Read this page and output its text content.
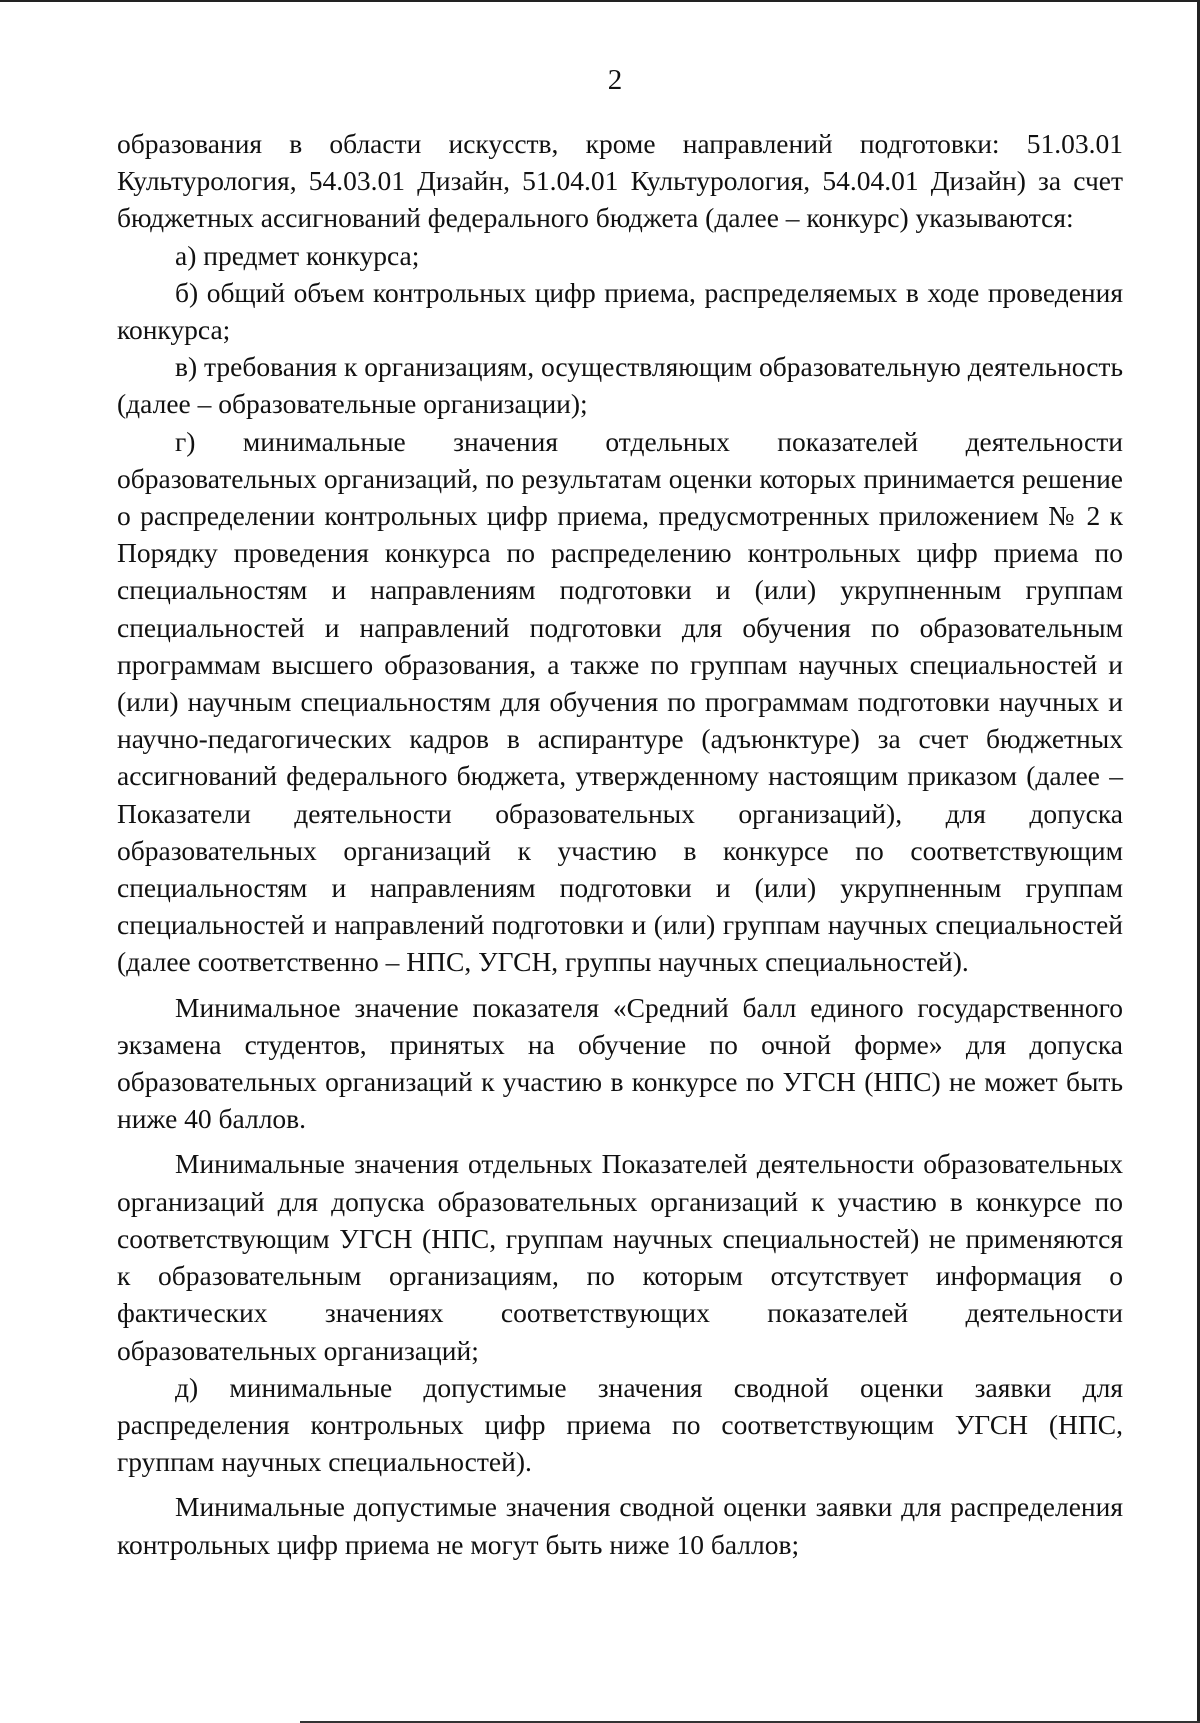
2

образования в области искусств, кроме направлений подготовки: 51.03.01 Культурология, 54.03.01 Дизайн, 51.04.01 Культурология, 54.04.01 Дизайн) за счет бюджетных ассигнований федерального бюджета (далее – конкурс) указываются:

а) предмет конкурса;

б) общий объем контрольных цифр приема, распределяемых в ходе проведения конкурса;

в) требования к организациям, осуществляющим образовательную деятельность (далее – образовательные организации);

г) минимальные значения отдельных показателей деятельности образовательных организаций, по результатам оценки которых принимается решение о распределении контрольных цифр приема, предусмотренных приложением № 2 к Порядку проведения конкурса по распределению контрольных цифр приема по специальностям и направлениям подготовки и (или) укрупненным группам специальностей и направлений подготовки для обучения по образовательным программам высшего образования, а также по группам научных специальностей и (или) научным специальностям для обучения по программам подготовки научных и научно-педагогических кадров в аспирантуре (адъюнктуре) за счет бюджетных ассигнований федерального бюджета, утвержденному настоящим приказом (далее – Показатели деятельности образовательных организаций), для допуска образовательных организаций к участию в конкурсе по соответствующим специальностям и направлениям подготовки и (или) укрупненным группам специальностей и направлений подготовки и (или) группам научных специальностей (далее соответственно – НПС, УГСН, группы научных специальностей).

Минимальное значение показателя «Средний балл единого государственного экзамена студентов, принятых на обучение по очной форме» для допуска образовательных организаций к участию в конкурсе по УГСН (НПС) не может быть ниже 40 баллов.

Минимальные значения отдельных Показателей деятельности образовательных организаций для допуска образовательных организаций к участию в конкурсе по соответствующим УГСН (НПС, группам научных специальностей) не применяются к образовательным организациям, по которым отсутствует информация о фактических значениях соответствующих показателей деятельности образовательных организаций;

д) минимальные допустимые значения сводной оценки заявки для распределения контрольных цифр приема по соответствующим УГСН (НПС, группам научных специальностей).

Минимальные допустимые значения сводной оценки заявки для распределения контрольных цифр приема не могут быть ниже 10 баллов;
